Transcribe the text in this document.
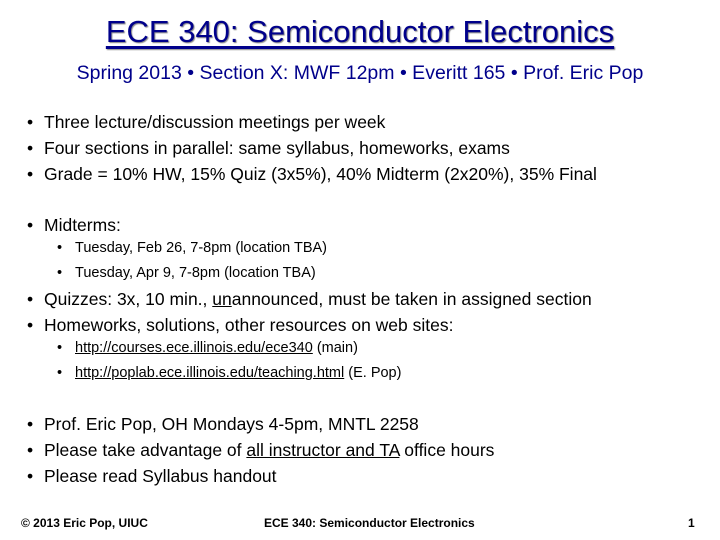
ECE 340: Semiconductor Electronics
Spring 2013 • Section X: MWF 12pm • Everitt 165 • Prof. Eric Pop
• Three lecture/discussion meetings per week
• Four sections in parallel: same syllabus, homeworks, exams
• Grade = 10% HW, 15% Quiz (3x5%), 40% Midterm (2x20%), 35% Final
• Midterms:
• Tuesday, Feb 26, 7-8pm (location TBA)
• Tuesday, Apr 9, 7-8pm (location TBA)
• Quizzes: 3x, 10 min., unannounced, must be taken in assigned section
• Homeworks, solutions, other resources on web sites:
• http://courses.ece.illinois.edu/ece340 (main)
• http://poplab.ece.illinois.edu/teaching.html (E. Pop)
• Prof. Eric Pop, OH Mondays 4-5pm, MNTL 2258
• Please take advantage of all instructor and TA office hours
• Please read Syllabus handout
© 2013 Eric Pop, UIUC	ECE 340: Semiconductor Electronics	1
